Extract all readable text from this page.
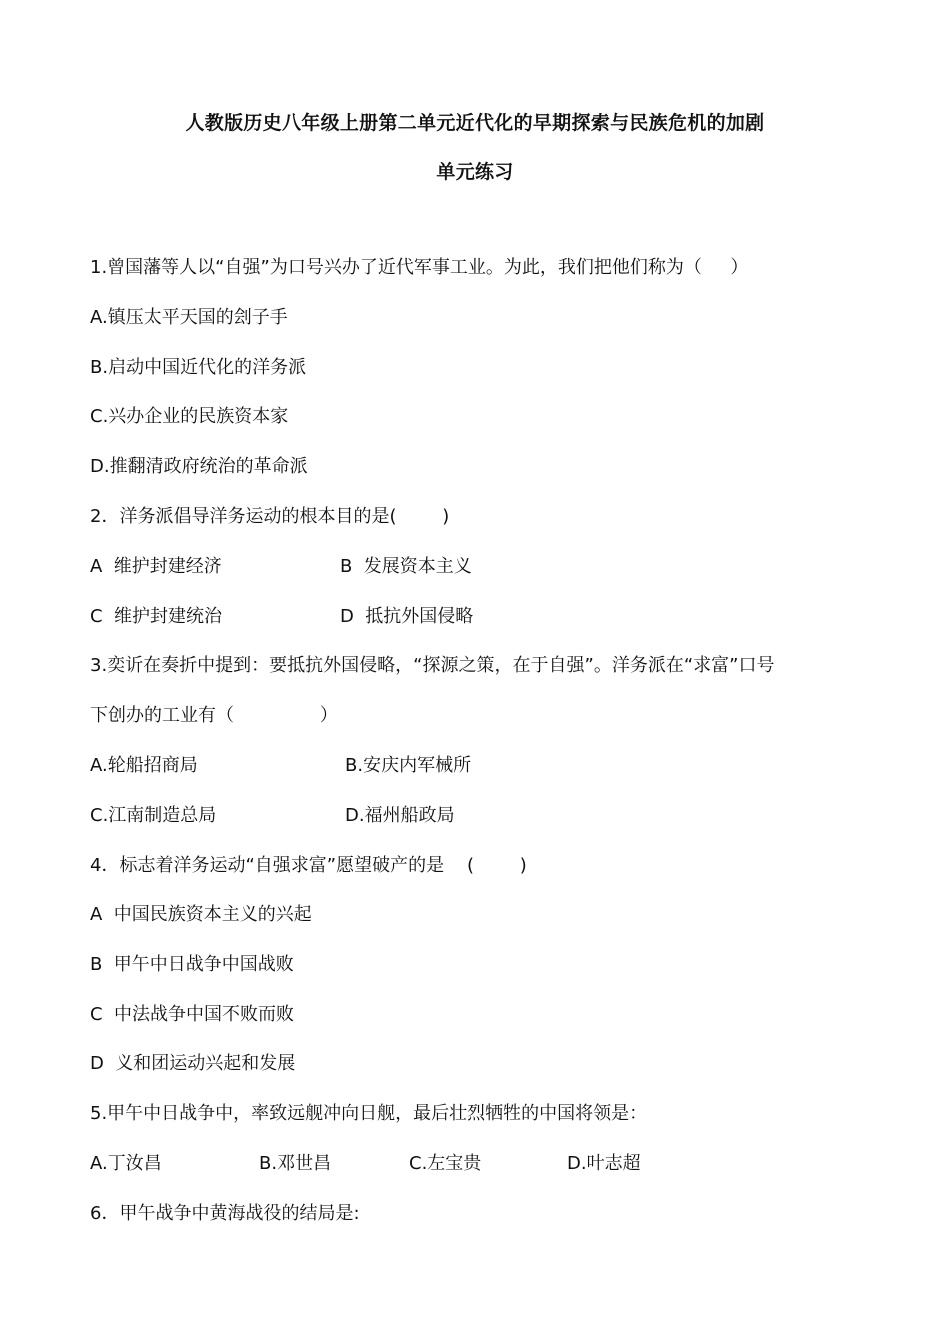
人教版历史八年级上册第二单元近代化的早期探索与民族危机的加剧
单元练习
1.曾国藩等人以“自强”为口号兴办了近代军事工业。为此，我们把他们称为（     ）
A.镇压太平天国的刽子手
B.启动中国近代化的洋务派
C.兴办企业的民族资本家
D.推翻清政府统治的革命派
2．洋务派倡导洋务运动的根本目的是(        )
A  维护封建经济	B  发展资本主义
C  维护封建统治	D  抵抗外国侵略
3.奕䜣在奏折中提到：要抵抗外国侵略，“探源之策，在于自强”。洋务派在“求富”口号
下创办的工业有（               ）
A.轮船招商局	B.安庆内军械所
C.江南制造总局	D.福州船政局
4．标志着洋务运动“自强求富”愿望破产的是    (        )
A  中国民族资本主义的兴起
B  甲午中日战争中国战败
C  中法战争中国不败而败
D  义和团运动兴起和发展
5.甲午中日战争中，率致远舰冲向日舰，最后壮烈牺牲的中国将领是：
A.丁汝昌	B.邓世昌	C.左宝贵	D.叶志超
6．甲午战争中黄海战役的结局是:
